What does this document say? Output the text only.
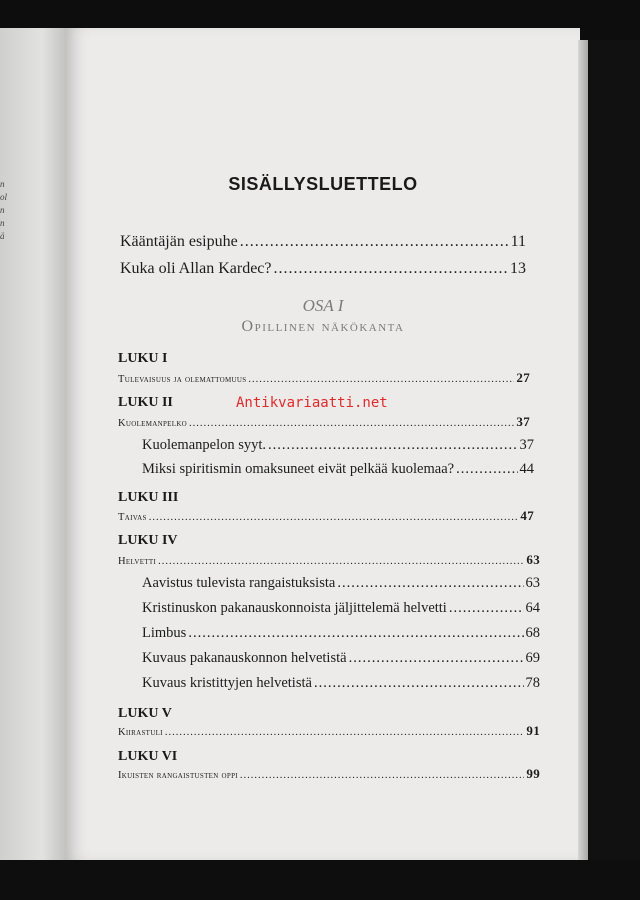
n
ol
n
n
ä
SISÄLLYSLUETTELO
Kääntäjän esipuhe .....	11
Kuka oli Allan Kardec? .....	13
OSA I
Opillinen näkökanta
LUKU I
Tulevaisuus ja olemattomuus .....	27
LUKU II	Antikvariaatti.net
Kuolemanpelko .....	37
Kuolemanpelon syyt. .....	37
Miksi spiritismin omaksuneet eivät pelkää kuolemaa? .....	44
LUKU III
Taivas .....	47
LUKU IV
Helvetti .....	63
Aavistus tulevista rangaistuksista .....	63
Kristinuskon pakanauskonnoista jäljittelemä helvetti .....	64
Limbus .....	68
Kuvaus pakanauskonnon helvetistä .....	69
Kuvaus kristittyjen helvetistä .....	78
LUKU V
Kiirastuli .....	91
LUKU VI
Ikuisten rangaistusten oppi .....	99
